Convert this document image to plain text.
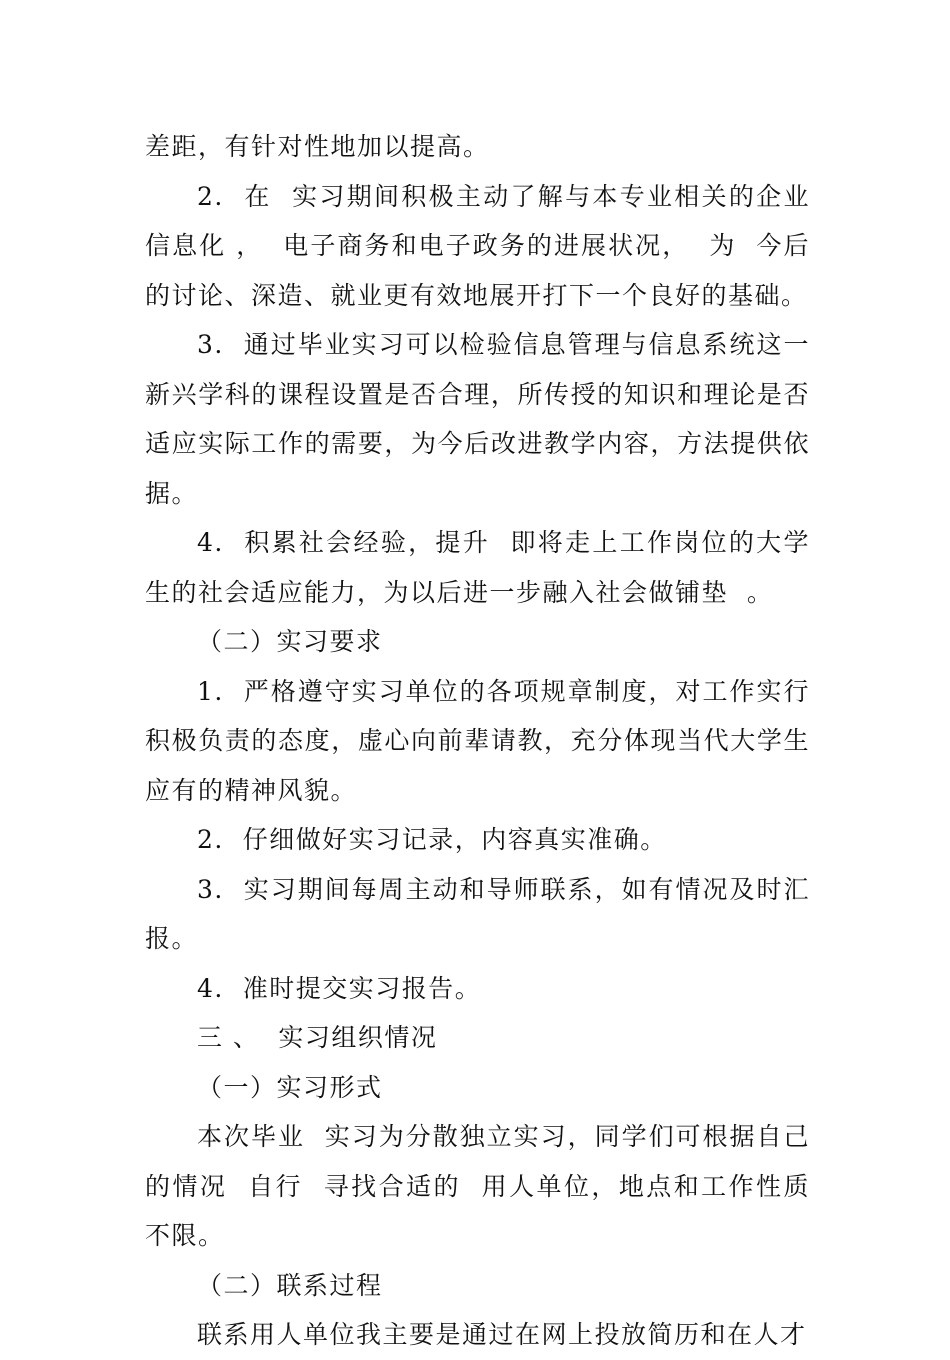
差距，有针对性地加以提高。

2.  在  实习期间积极主动了解与本专业相关的企业信息化 ，  电子商务和电子政务的进展状况，  为  今后的讨论、深造、就业更有效地展开打下一个良好的基础。

3.  通过毕业实习可以检验信息管理与信息系统这一新兴学科的课程设置是否合理，所传授的知识和理论是否适应实际工作的需要，为今后改进教学内容，方法提供依据。

4.  积累社会经验，提升  即将走上工作岗位的大学生的社会适应能力，为以后进一步融入社会做铺垫  。

（二）实习要求

1.  严格遵守实习单位的各项规章制度，对工作实行积极负责的态度，虚心向前辈请教，充分体现当代大学生应有的精神风貌。

2.  仔细做好实习记录，内容真实准确。

3.  实习期间每周主动和导师联系，如有情况及时汇报。

4.  准时提交实习报告。

三 、  实习组织情况

（一）实习形式

本次毕业  实习为分散独立实习，同学们可根据自己的情况  自行  寻找合适的  用人单位，地点和工作性质不限。

（二）联系过程

联系用人单位我主要是通过在网上投放简历和在人才
